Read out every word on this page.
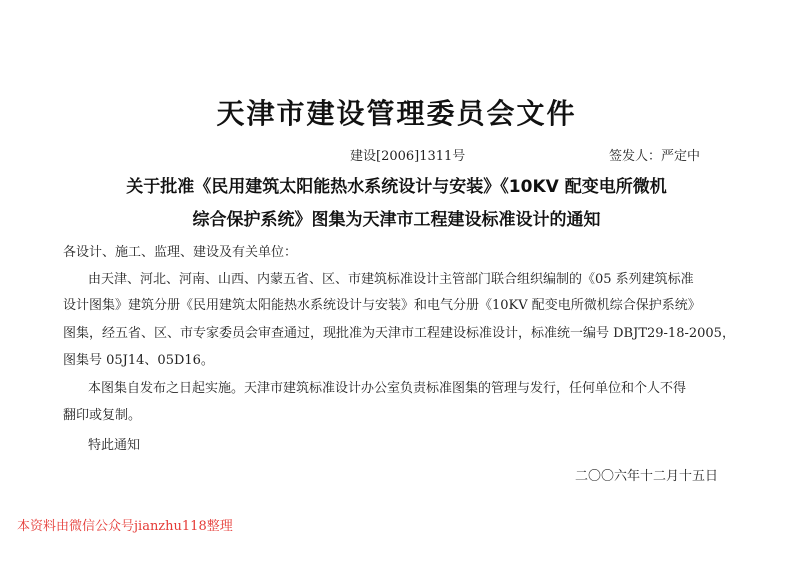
天津市建设管理委员会文件
建设[2006]1311号	签发人：严定中
关于批准《民用建筑太阳能热水系统设计与安装》《10KV 配变电所微机
综合保护系统》图集为天津市工程建设标准设计的通知
各设计、施工、监理、建设及有关单位：
由天津、河北、河南、山西、内蒙五省、区、市建筑标准设计主管部门联合组织编制的《05 系列建筑标准
设计图集》建筑分册《民用建筑太阳能热水系统设计与安装》和电气分册《10KV 配变电所微机综合保护系统》
图集，经五省、区、市专家委员会审查通过，现批准为天津市工程建设标准设计，标准统一编号 DBJT29-18-2005，
图集号 05J14、05D16。
本图集自发布之日起实施。天津市建筑标准设计办公室负责标准图集的管理与发行，任何单位和个人不得
翻印或复制。
特此通知
二〇〇六年十二月十五日
本资料由微信公众号jianzhu118整理
